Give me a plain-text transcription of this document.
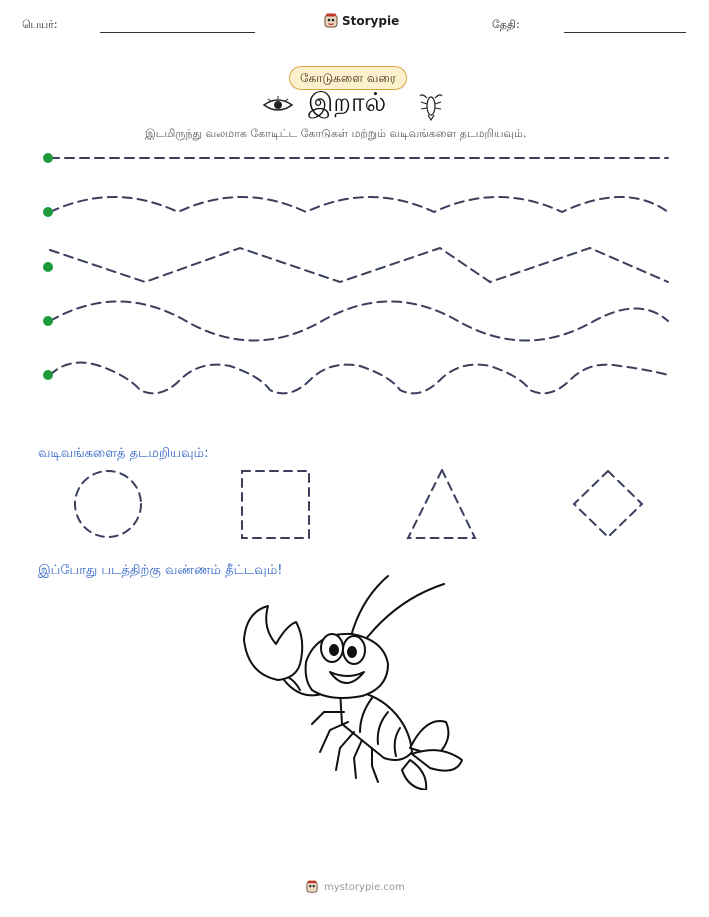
பெயர்:	Storypie	தேதி:
கோடுகளை வரை
இறால்
இடமிருந்து வலமாக கோடிட்ட கோடுகள் மற்றும் வடிவங்களை தடமறியவும்.
வடிவங்களைத் தடமறியவும்:
இப்போது படத்திற்கு வண்ணம் தீட்டவும்!
mystorypie.com
